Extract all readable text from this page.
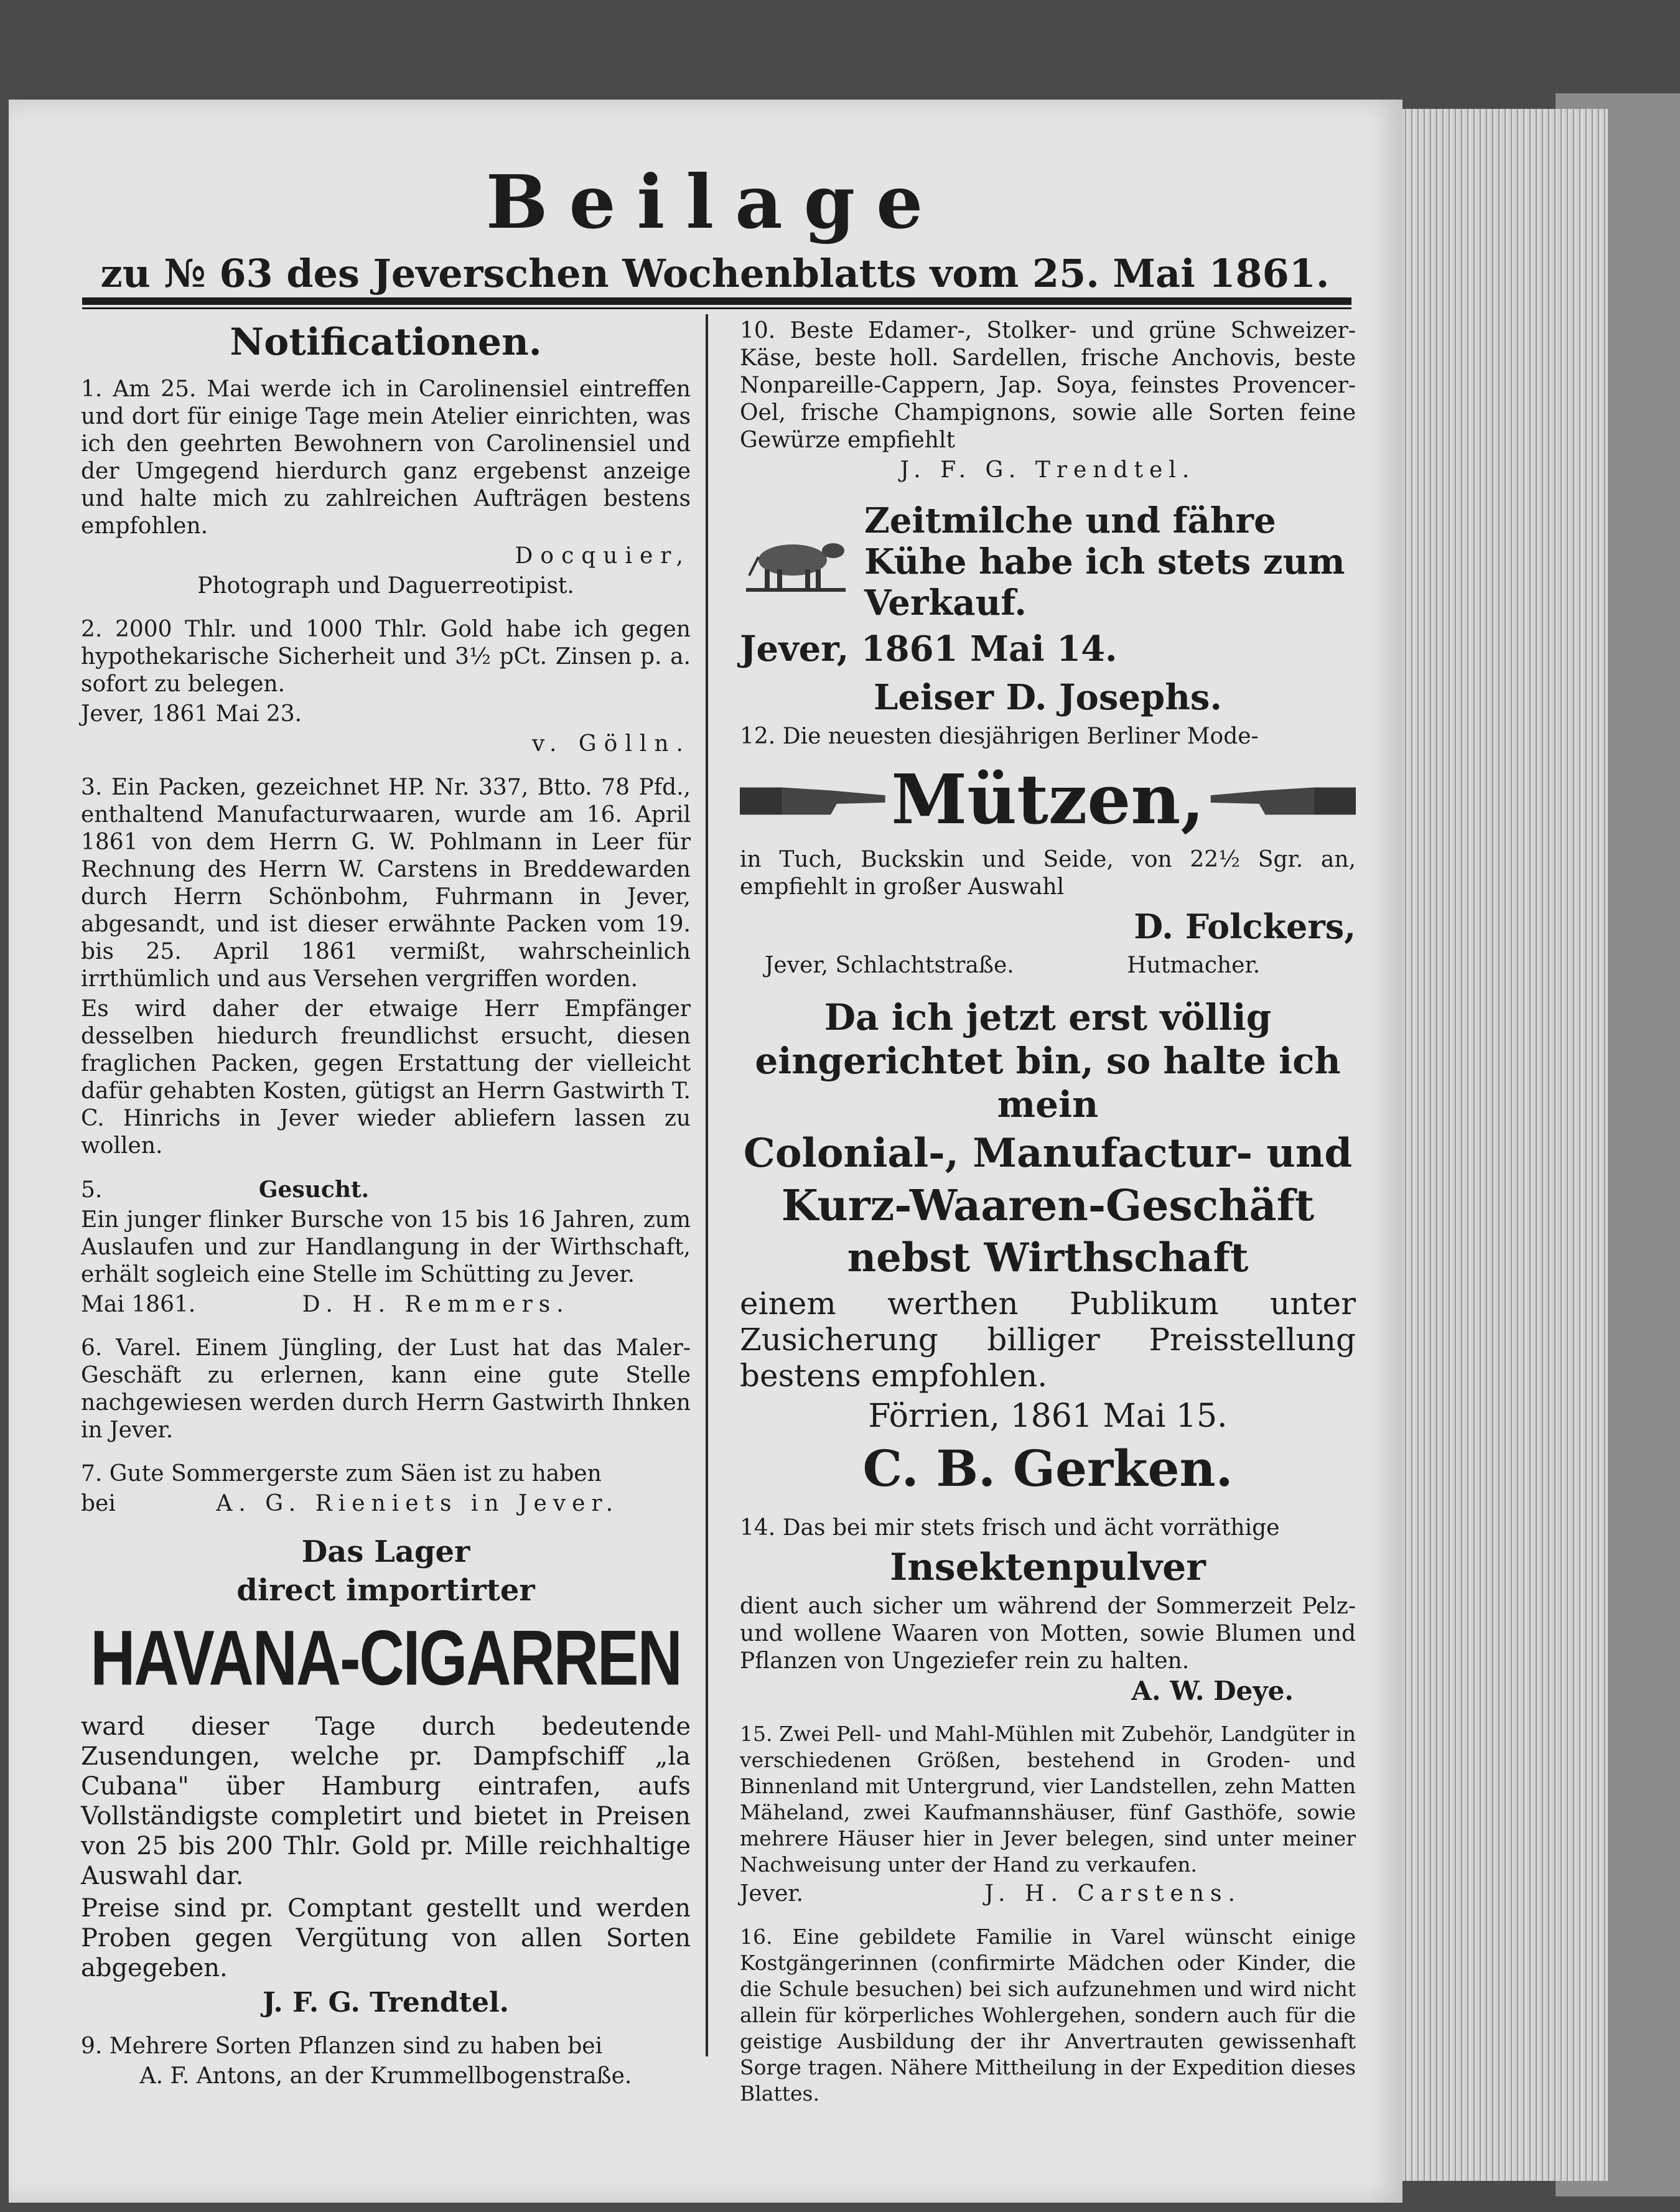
Beilage
zu № 63 des Jeverschen Wochenblatts vom 25. Mai 1861.
Notificationen.

1. Am 25. Mai werde ich in Carolinensiel eintreffen und dort für einige Tage mein Atelier einrichten, was ich den geehrten Bewohnern von Carolinensiel und der Umgegend hierdurch ganz ergebenst anzeige und halte mich zu zahlreichen Aufträgen bestens empfohlen.

Docquier,

Photograph und Daguerreotipist.

2. 2000 Thlr. und 1000 Thlr. Gold habe ich gegen hypothekarische Sicherheit und 3½ pCt. Zinsen p. a. sofort zu belegen.

Jever, 1861 Mai 23.

v. Gölln.

3. Ein Packen, gezeichnet HP. Nr. 337, Btto. 78 Pfd., enthaltend Manufacturwaaren, wurde am 16. April 1861 von dem Herrn G. W. Pohlmann in Leer für Rechnung des Herrn W. Carstens in Breddewarden durch Herrn Schönbohm, Fuhrmann in Jever, abgesandt, und ist dieser erwähnte Packen vom 19. bis 25. April 1861 vermißt, wahrscheinlich irrthümlich und aus Versehen vergriffen worden.

Es wird daher der etwaige Herr Empfänger desselben hiedurch freundlichst ersucht, diesen fraglichen Packen, gegen Erstattung der vielleicht dafür gehabten Kosten, gütigst an Herrn Gastwirth T. C. Hinrichs in Jever wieder abliefern lassen zu wollen.

5.	Gesucht.

Ein junger flinker Bursche von 15 bis 16 Jahren, zum Auslaufen und zur Handlangung in der Wirthschaft, erhält sogleich eine Stelle im Schütting zu Jever.

Mai 1861.	D. H. Remmers.

6. Varel. Einem Jüngling, der Lust hat das Maler-Geschäft zu erlernen, kann eine gute Stelle nachgewiesen werden durch Herrn Gastwirth Ihnken in Jever.

7. Gute Sommergerste zum Säen ist zu haben

bei	A. G. Rieniets in Jever.

Das Lager

direct importirter

HAVANA-CIGARREN

ward dieser Tage durch bedeutende Zusendungen, welche pr. Dampfschiff „la Cubana" über Hamburg eintrafen, aufs Vollständigste completirt und bietet in Preisen von 25 bis 200 Thlr. Gold pr. Mille reichhaltige Auswahl dar.

Preise sind pr. Comptant gestellt und werden Proben gegen Vergütung von allen Sorten abgegeben.

J. F. G. Trendtel.

9. Mehrere Sorten Pflanzen sind zu haben bei

A. F. Antons, an der Krummellbogenstraße.

10. Beste Edamer-, Stolker- und grüne Schweizer-Käse, beste holl. Sardellen, frische Anchovis, beste Nonpareille-Cappern, Jap. Soya, feinstes Provencer-Oel, frische Champignons, sowie alle Sorten feine Gewürze empfiehlt

J. F. G. Trendtel.

Zeitmilche und fähre Kühe habe ich stets zum Verkauf.

Jever, 1861 Mai 14.

Leiser D. Josephs.

12. Die neuesten diesjährigen Berliner Mode-

Mützen,

in Tuch, Buckskin und Seide, von 22½ Sgr. an, empfiehlt in großer Auswahl

D. Folckers,

Jever, Schlachtstraße.	Hutmacher.

Da ich jetzt erst völlig eingerichtet bin, so halte ich mein

Colonial-, Manufactur- und

Kurz-Waaren-Geschäft

nebst Wirthschaft

einem werthen Publikum unter Zusicherung billiger Preisstellung bestens empfohlen.

Förrien, 1861 Mai 15.

C. B. Gerken.

14. Das bei mir stets frisch und ächt vorräthige

Insektenpulver

dient auch sicher um während der Sommerzeit Pelz- und wollene Waaren von Motten, sowie Blumen und Pflanzen von Ungeziefer rein zu halten.

A. W. Deye.

15. Zwei Pell- und Mahl-Mühlen mit Zubehör, Landgüter in verschiedenen Größen, bestehend in Groden- und Binnenland mit Untergrund, vier Landstellen, zehn Matten Mäheland, zwei Kaufmannshäuser, fünf Gasthöfe, sowie mehrere Häuser hier in Jever belegen, sind unter meiner Nachweisung unter der Hand zu verkaufen.

Jever.	J. H. Carstens.

16. Eine gebildete Familie in Varel wünscht einige Kostgängerinnen (confirmirte Mädchen oder Kinder, die die Schule besuchen) bei sich aufzunehmen und wird nicht allein für körperliches Wohlergehen, sondern auch für die geistige Ausbildung der ihr Anvertrauten gewissenhaft Sorge tragen. Nähere Mittheilung in der Expedition dieses Blattes.
